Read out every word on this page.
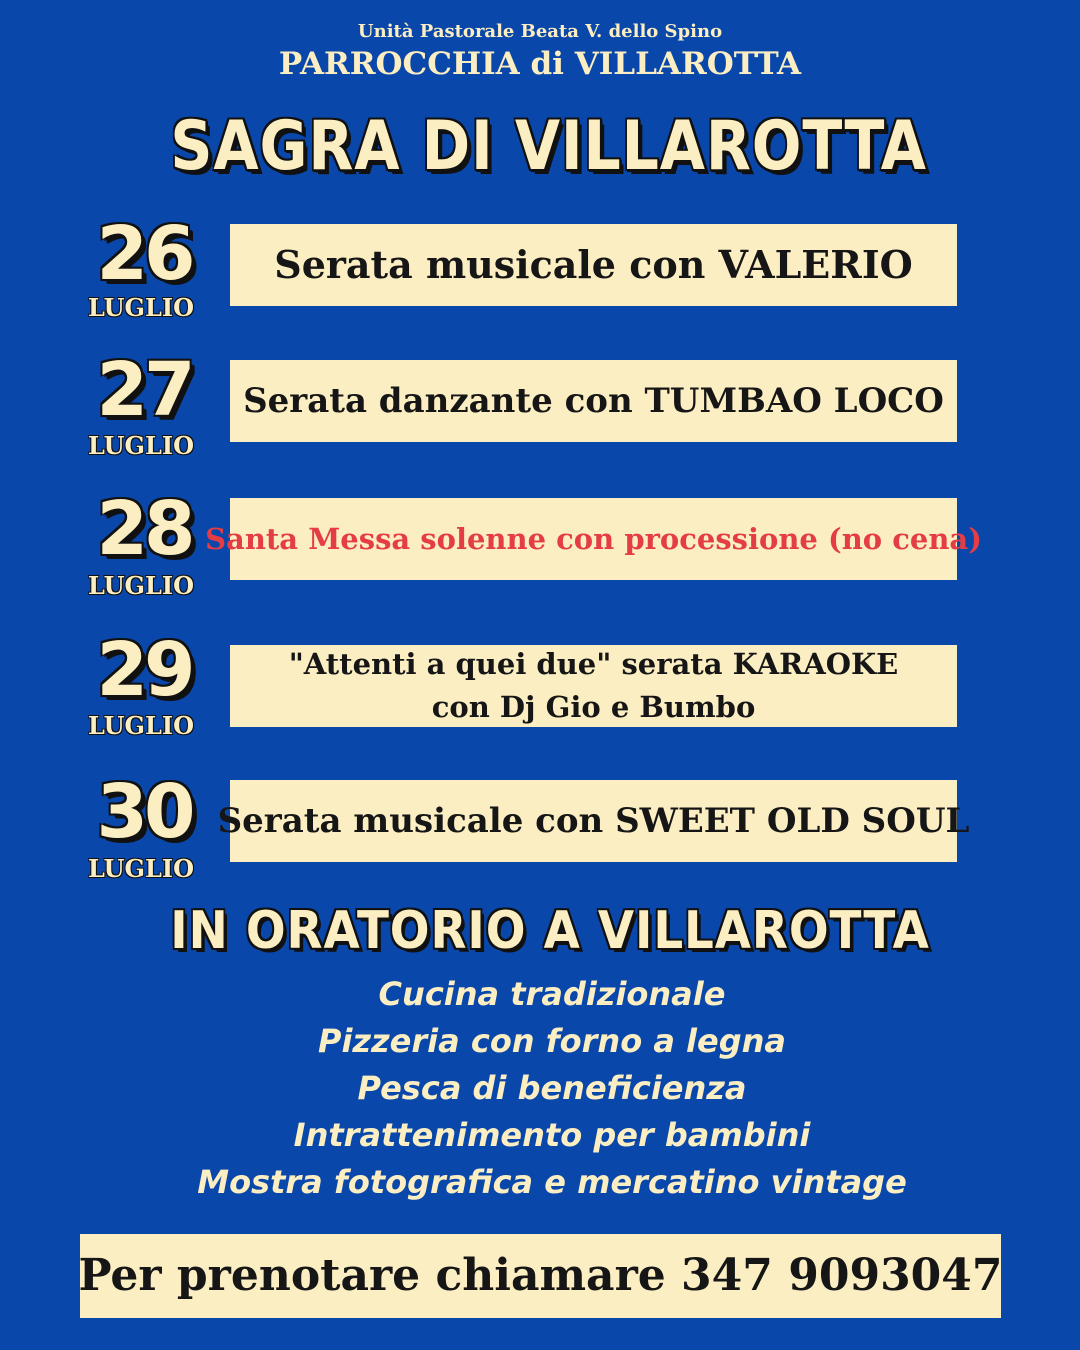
Unità Pastorale Beata V. dello Spino
PARROCCHIA di VILLAROTTA
SAGRA DI VILLAROTTA
26
LUGLIO
Serata musicale con VALERIO
27
LUGLIO
Serata danzante con TUMBAO LOCO
28
LUGLIO
Santa Messa solenne con processione (no cena)
29
LUGLIO
"Attenti a quei due" serata KARAOKE
con Dj Gio e Bumbo
30
LUGLIO
Serata musicale con SWEET OLD SOUL
IN ORATORIO A VILLAROTTA
Cucina tradizionale
Pizzeria con forno a legna
Pesca di beneficienza
Intrattenimento per bambini
Mostra fotografica e mercatino vintage
Per prenotare chiamare 347 9093047
